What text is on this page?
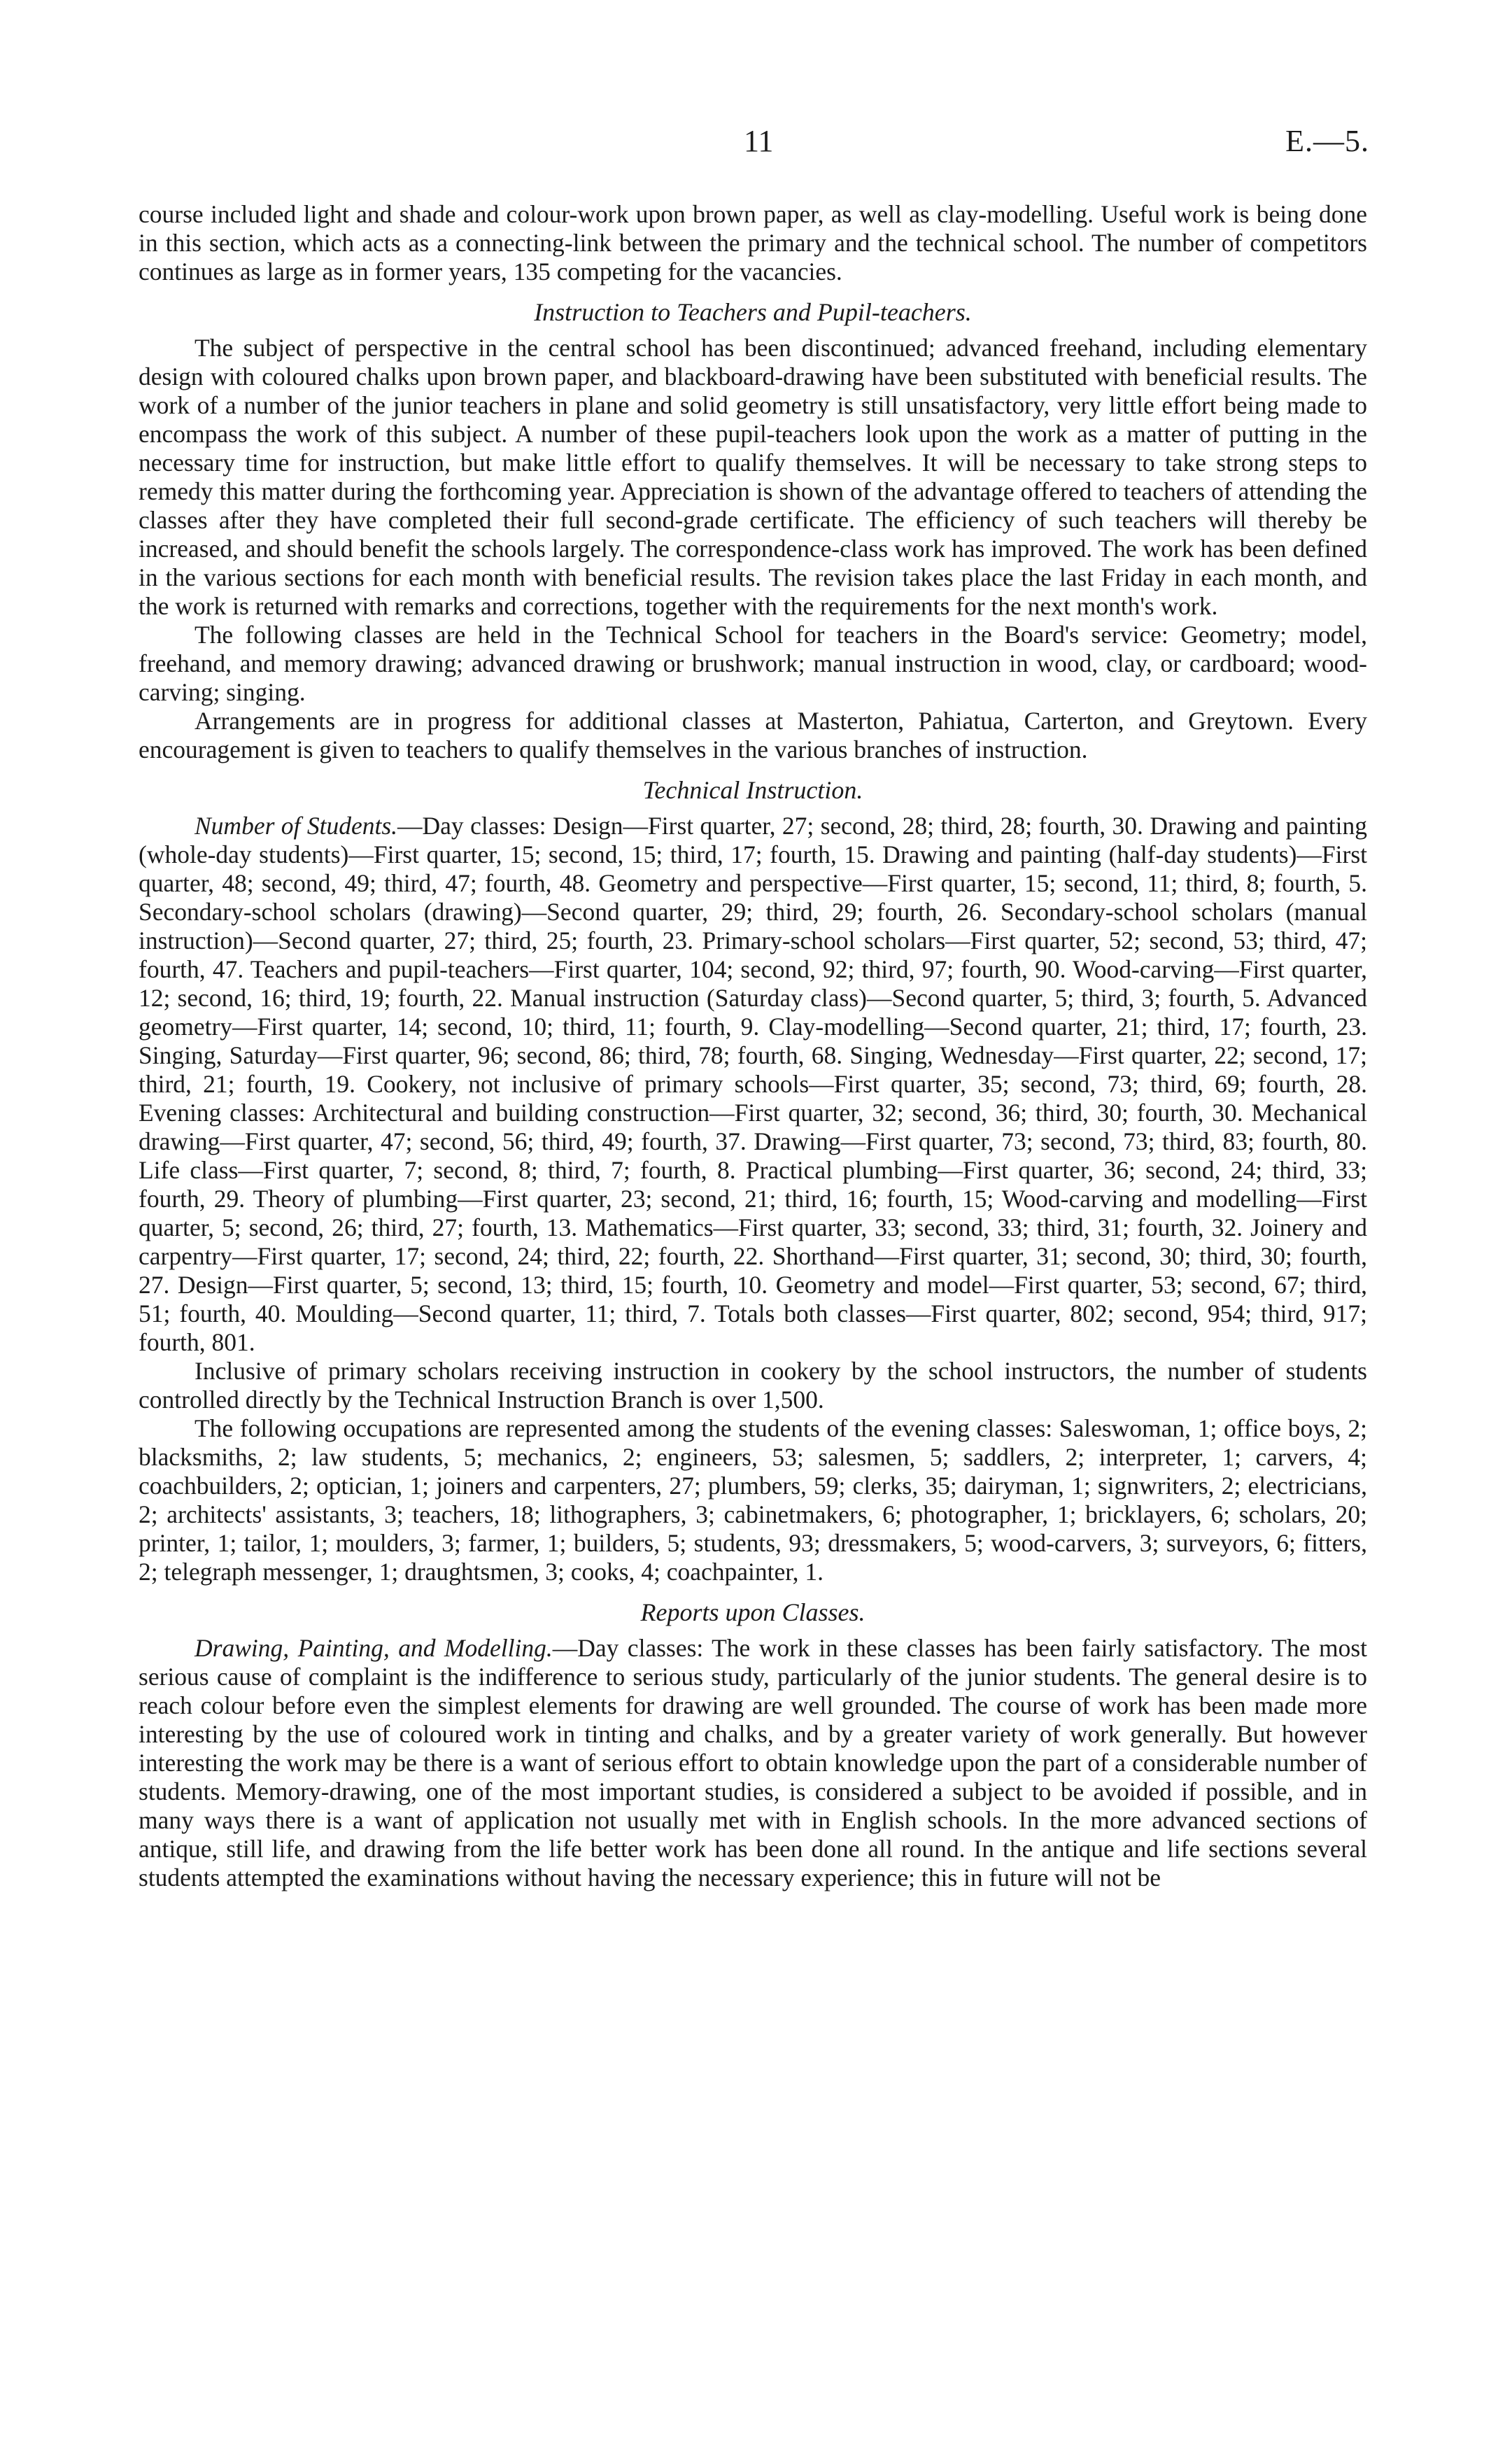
11	E.—5.

course included light and shade and colour-work upon brown paper, as well as clay-modelling. Useful work is being done in this section, which acts as a connecting-link between the primary and the technical school. The number of competitors continues as large as in former years, 135 competing for the vacancies.

Instruction to Teachers and Pupil-teachers.

The subject of perspective in the central school has been discontinued; advanced freehand, including elementary design with coloured chalks upon brown paper, and blackboard-drawing have been substituted with beneficial results. The work of a number of the junior teachers in plane and solid geometry is still unsatisfactory, very little effort being made to encompass the work of this subject. A number of these pupil-teachers look upon the work as a matter of putting in the necessary time for instruction, but make little effort to qualify themselves. It will be necessary to take strong steps to remedy this matter during the forthcoming year. Appreciation is shown of the advantage offered to teachers of attending the classes after they have completed their full second-grade certificate. The efficiency of such teachers will thereby be increased, and should benefit the schools largely. The correspondence-class work has improved. The work has been defined in the various sections for each month with beneficial results. The revision takes place the last Friday in each month, and the work is returned with remarks and corrections, together with the requirements for the next month's work.

The following classes are held in the Technical School for teachers in the Board's service: Geometry; model, freehand, and memory drawing; advanced drawing or brushwork; manual instruction in wood, clay, or cardboard; wood-carving; singing.

Arrangements are in progress for additional classes at Masterton, Pahiatua, Carterton, and Greytown. Every encouragement is given to teachers to qualify themselves in the various branches of instruction.

Technical Instruction.

Number of Students.—Day classes: Design—First quarter, 27; second, 28; third, 28; fourth, 30. Drawing and painting (whole-day students)—First quarter, 15; second, 15; third, 17; fourth, 15. Drawing and painting (half-day students)—First quarter, 48; second, 49; third, 47; fourth, 48. Geometry and perspective—First quarter, 15; second, 11; third, 8; fourth, 5. Secondary-school scholars (drawing)—Second quarter, 29; third, 29; fourth, 26. Secondary-school scholars (manual instruction)—Second quarter, 27; third, 25; fourth, 23. Primary-school scholars—First quarter, 52; second, 53; third, 47; fourth, 47. Teachers and pupil-teachers—First quarter, 104; second, 92; third, 97; fourth, 90. Wood-carving—First quarter, 12; second, 16; third, 19; fourth, 22. Manual instruction (Saturday class)—Second quarter, 5; third, 3; fourth, 5. Advanced geometry—First quarter, 14; second, 10; third, 11; fourth, 9. Clay-modelling—Second quarter, 21; third, 17; fourth, 23. Singing, Saturday—First quarter, 96; second, 86; third, 78; fourth, 68. Singing, Wednesday—First quarter, 22; second, 17; third, 21; fourth, 19. Cookery, not inclusive of primary schools—First quarter, 35; second, 73; third, 69; fourth, 28. Evening classes: Architectural and building construction—First quarter, 32; second, 36; third, 30; fourth, 30. Mechanical drawing—First quarter, 47; second, 56; third, 49; fourth, 37. Drawing—First quarter, 73; second, 73; third, 83; fourth, 80. Life class—First quarter, 7; second, 8; third, 7; fourth, 8. Practical plumbing—First quarter, 36; second, 24; third, 33; fourth, 29. Theory of plumbing—First quarter, 23; second, 21; third, 16; fourth, 15; Wood-carving and modelling—First quarter, 5; second, 26; third, 27; fourth, 13. Mathematics—First quarter, 33; second, 33; third, 31; fourth, 32. Joinery and carpentry—First quarter, 17; second, 24; third, 22; fourth, 22. Shorthand—First quarter, 31; second, 30; third, 30; fourth, 27. Design—First quarter, 5; second, 13; third, 15; fourth, 10. Geometry and model—First quarter, 53; second, 67; third, 51; fourth, 40. Moulding—Second quarter, 11; third, 7. Totals both classes—First quarter, 802; second, 954; third, 917; fourth, 801.

Inclusive of primary scholars receiving instruction in cookery by the school instructors, the number of students controlled directly by the Technical Instruction Branch is over 1,500.

The following occupations are represented among the students of the evening classes: Saleswoman, 1; office boys, 2; blacksmiths, 2; law students, 5; mechanics, 2; engineers, 53; salesmen, 5; saddlers, 2; interpreter, 1; carvers, 4; coachbuilders, 2; optician, 1; joiners and carpenters, 27; plumbers, 59; clerks, 35; dairyman, 1; signwriters, 2; electricians, 2; architects' assistants, 3; teachers, 18; lithographers, 3; cabinetmakers, 6; photographer, 1; bricklayers, 6; scholars, 20; printer, 1; tailor, 1; moulders, 3; farmer, 1; builders, 5; students, 93; dressmakers, 5; wood-carvers, 3; surveyors, 6; fitters, 2; telegraph messenger, 1; draughtsmen, 3; cooks, 4; coachpainter, 1.

Reports upon Classes.

Drawing, Painting, and Modelling.—Day classes: The work in these classes has been fairly satisfactory. The most serious cause of complaint is the indifference to serious study, particularly of the junior students. The general desire is to reach colour before even the simplest elements for drawing are well grounded. The course of work has been made more interesting by the use of coloured work in tinting and chalks, and by a greater variety of work generally. But however interesting the work may be there is a want of serious effort to obtain knowledge upon the part of a considerable number of students. Memory-drawing, one of the most important studies, is considered a subject to be avoided if possible, and in many ways there is a want of application not usually met with in English schools. In the more advanced sections of antique, still life, and drawing from the life better work has been done all round. In the antique and life sections several students attempted the examinations without having the necessary experience; this in future will not be
